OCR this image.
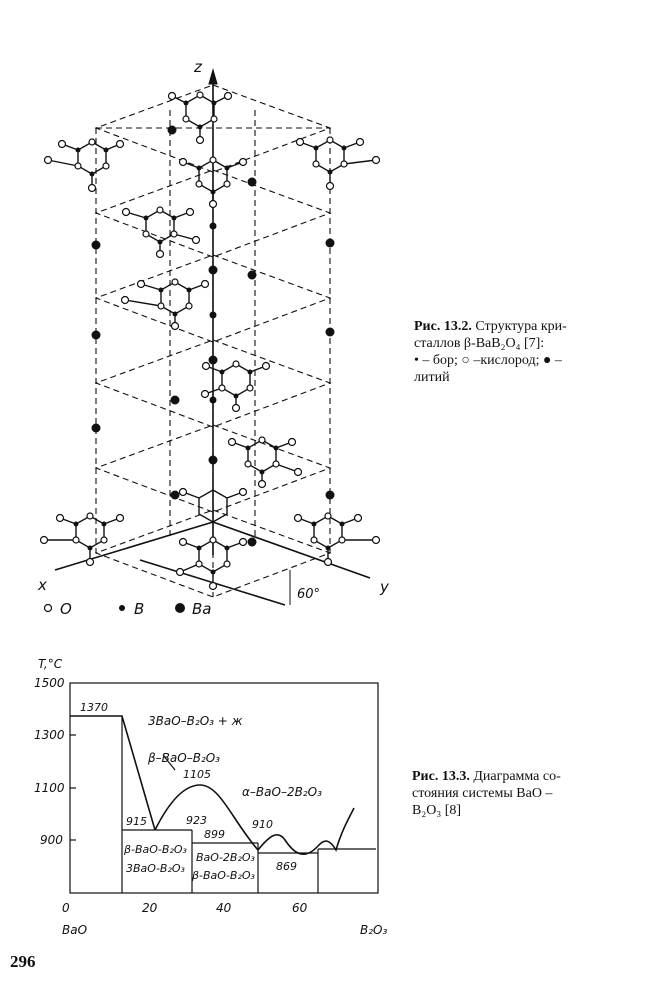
z
x	y
60°
O	B	Ba
Рис. 13.2. Структура кри-
сталлов β-BaB₂O₄ [7]:
• – бор; ○ –кислород; ● –
литий
T,°C
1500
1300
1100
900
0	20	40	60
BaO	B₂O₃
1370
1105
915	923
899
910
869
3BaO–B₂O₃ + ж
β–BaO–B₂O₃
α–BaO–2B₂O₃
β-BaO-B₂O₃
3BaO-B₂O₃
BaO-2B₂O₃
β-BaO-B₂O₃
Рис. 13.3. Диаграмма со-
стояния системы BaO –
B₂O₃ [8]
296
